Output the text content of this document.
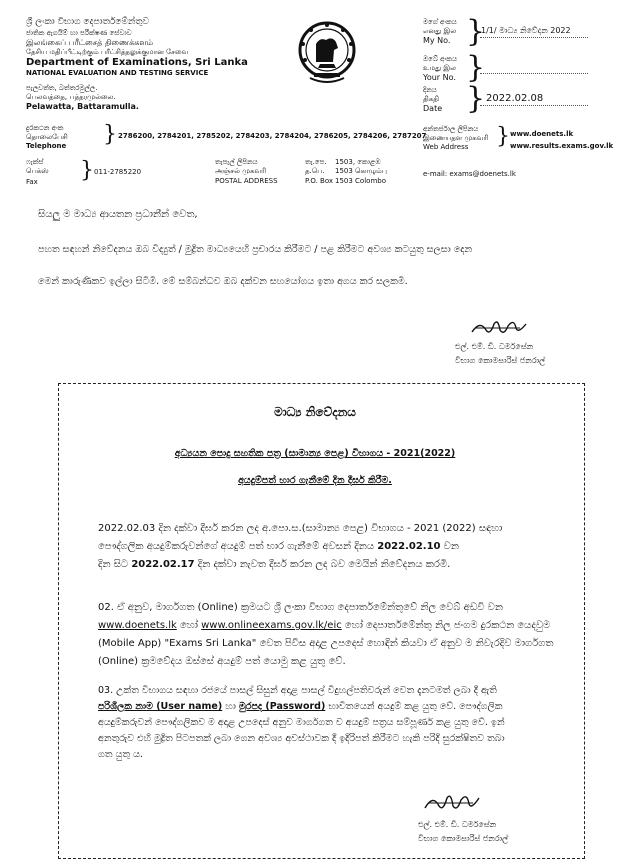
ශ්‍රී ලංකා විභාග දෙපාර්තමේන්තුව
ජාතික ඇගයීම් හා පරීක්ෂණ සේවාව
இலங்கைப் பரீட்சைத் திணைக்களம்
தேசிய மதிப்பீட்டிற்கும் பரீட்சித்தலுக்குமான சேவை
Department of Examinations, Sri Lanka
NATIONAL EVALUATION AND TESTING SERVICE
පැලවත්ත, බත්තරමුල්ල.
பெலவத்தை, பத்தரமுல்லை.
Pelawatta, Battaramulla.
මගේ අංකය
எனது இல
My No. }
1/1/ මාධ්‍ය නිවේදන 2022
ඔබේ අංකය
உமது இல
Your No. }
දිනය
திகதி
Date } 2022.02.08
දුරකථන අංක
தொலைபேசி
Telephone } 2786200, 2784201, 2785202, 2784203, 2784204, 2786205, 2784206, 2787207
අන්තර්ජාල ලිපිනය
இணையதள முகவரி
Web Address } www.doenets.lk
www.results.exams.gov.lk
ෆැක්ස්
பெக்ஸ்
Fax } 011-2785220
තැපැල් ලිපිනය
அஞ்சல் முகவரி
POSTAL ADDRESS
තැ.පෙ.
த.பெ.
P.O. Box
1503, කොළඹ
1503 கொழும்பு
1503 Colombo
e-mail: exams@doenets.lk
සියලු ම මාධ්‍ය ආයතන ප්‍රධානීන් වෙත,
පහත සඳහන් නිවේදනය ඔබ විද්‍යුත් / මුද්‍රිත මාධ්‍යයෙහි ප්‍රචාරය කිරීමට / පළ කිරීමට අවශ්‍ය කටයුතු සලසා දෙන
මෙන් කාරුණිකව ඉල්ලා සිටිමි. මේ සම්බන්ධව ඔබ දක්වන සහයෝගය ඉතා අගය කර සලකමි.
එල්. එම්. ඩී. ධර්මසේන
විභාග කොමසාරිස් ජනරාල්
මාධ්‍ය නිවේදනය
අධ්‍යයන පොදු සහතික පත්‍ර (සාමාන්‍ය පෙළ) විභාගය - 2021(2022)
අයදුම්පත් භාර ගැනීමේ දින දීර්ඝ කිරීම.
2022.02.03 දින දක්වා දීර්ඝ කරන ලද අ.පො.ස.(සාමාන්‍ය පෙළ) විභාගය - 2021 (2022) සඳහා
පෞද්ගලික අයදුම්කරුවන්ගේ අයදුම් පත් භාර ගැනීමේ අවසන් දිනය 2022.02.10 වන
දින සිට 2022.02.17 දින දක්වා නැවත දීර්ඝ කරන ලද බව මෙයින් නිවේදනය කරමි.
02. ඒ අනුව, මාර්ගගත (Online) ක්‍රමයට ශ්‍රී ලංකා විභාග දෙපාර්තමේන්තුවේ නිල වෙබ් අඩවි වන
www.doenets.lk හෝ www.onlineexams.gov.lk/eic හෝ දෙපාර්තමේන්තු නිල ජංගම දුරකථන යෙදවුම
(Mobile App) "Exams Sri Lanka" වෙත පිවිස අදාළ උපදෙස් හොඳින් කියවා ඒ අනුව ම නිවැරදිව මාර්ගගත
(Online) ක්‍රමවේදය ඔස්සේ අයදුම් පත් යොමු කළ යුතු වේ.
03. උක්ත විභාගය සඳහා රජයේ පාසල් සිසුන් අදාළ පාසල් විදුහල්පතිවරුන් වෙත දැනටමත් ලබා දී ඇති
පරිශීලක නාම (User name) හා මුරපද (Password) භාවිතයෙන් අයදුම් කළ යුතු වේ. පෞද්ගලික
අයදුම්කරුවන් පෞද්ගලිකව ම අදාළ උපදෙස් අනුව මාර්ගගත ව අයදුම් පත්‍රය සම්පූර්ණ කළ යුතු වේ. ඉන්
අනතුරුව එහි මුද්‍රිත පිටපතක් ලබා ගෙන අවශ්‍ය අවස්ථාවක දී ඉදිරිපත් කිරීමට හැකි පරිදි සුරක්ෂිතව තබා
ගත යුතු ය.
එල්. එම්. ඩී. ධර්මසේන
විභාග කොමසාරිස් ජනරාල්
